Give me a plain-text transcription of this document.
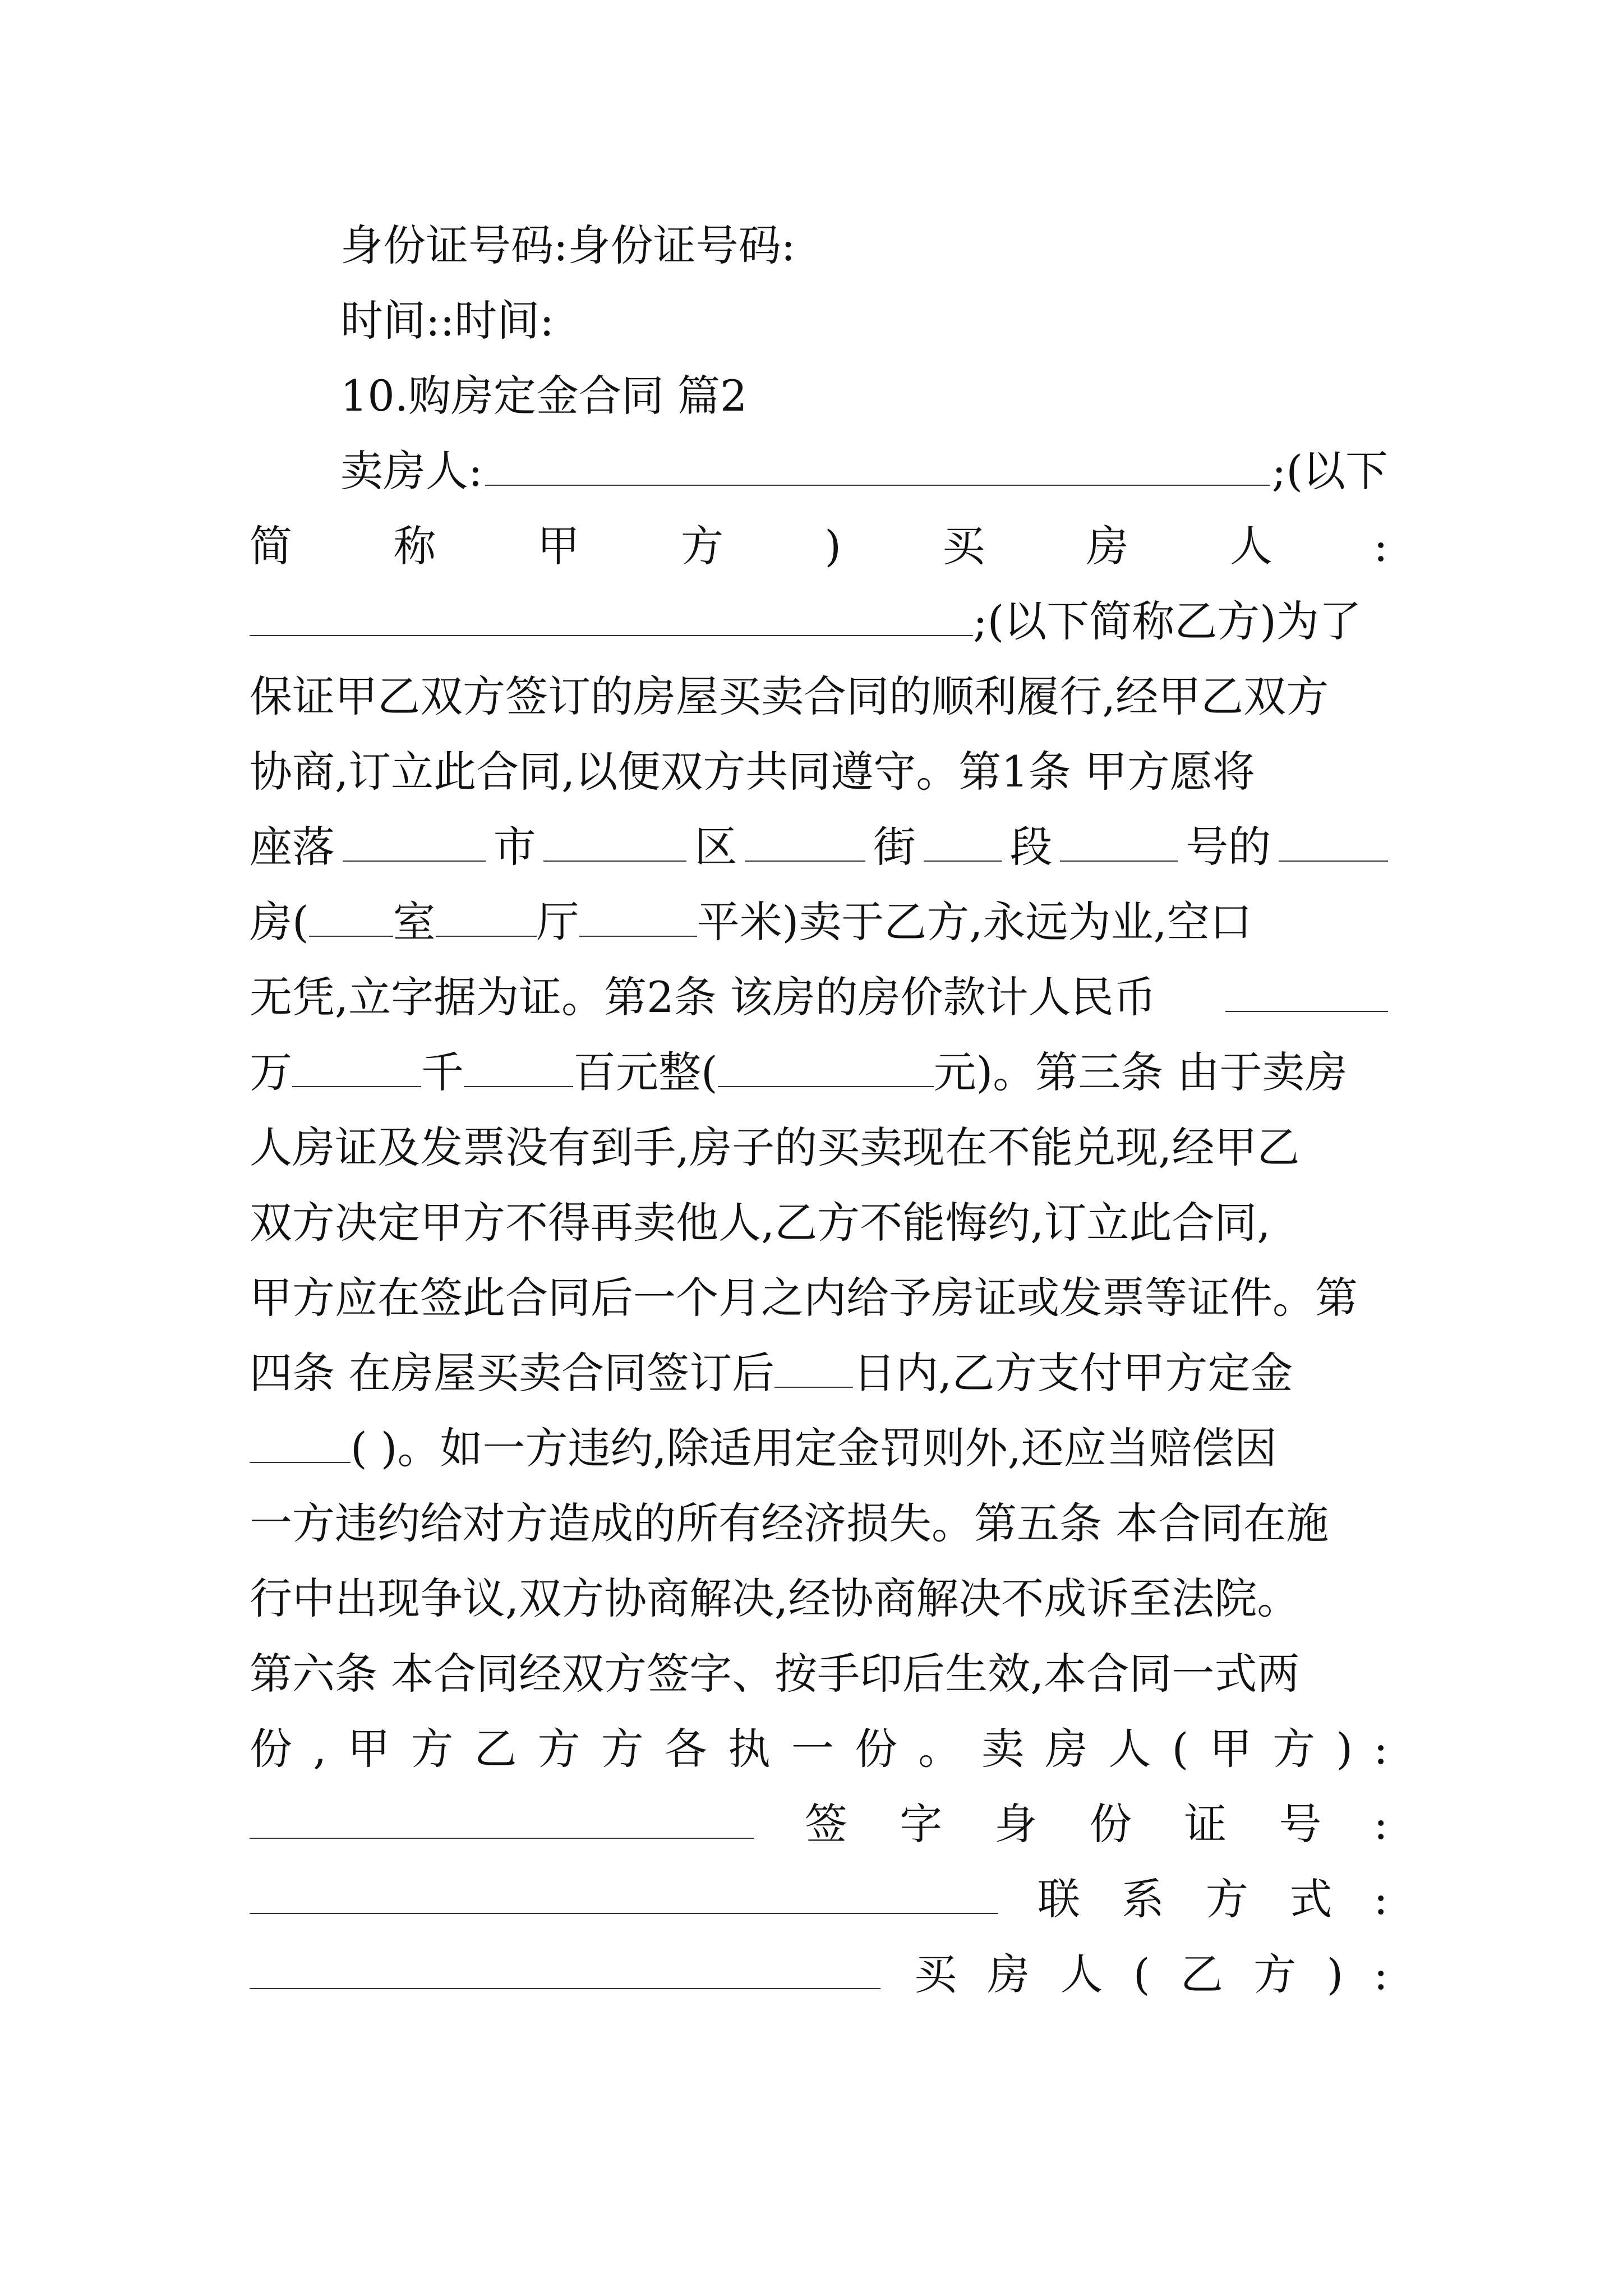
身份证号码:身份证号码:
时间::时间:
10.购房定金合同 篇2
卖房人:	;(以下
简 称 甲 方 ) 买 房 人 :
;(以下简称乙方)为了
保证甲乙双方签订的房屋买卖合同的顺利履行,经甲乙双方
协商,订立此合同,以便双方共同遵守。第1条 甲方愿将
座落	市	区	街 段	号的
房( 室 厅	平米)卖于乙方,永远为业,空口
无凭,立字据为证。第2条 该房的房价款计人民币
万	千	百元整(	元)。第三条 由于卖房
人房证及发票没有到手,房子的买卖现在不能兑现,经甲乙
双方决定甲方不得再卖他人,乙方不能悔约,订立此合同,
甲方应在签此合同后一个月之内给予房证或发票等证件。第
四条 在房屋买卖合同签订后 日内,乙方支付甲方定金
( )。如一方违约,除适用定金罚则外,还应当赔偿因
一方违约给对方造成的所有经济损失。第五条 本合同在施
行中出现争议,双方协商解决,经协商解决不成诉至法院。
第六条 本合同经双方签字、按手印后生效,本合同一式两
份 , 甲 方 乙 方 方 各 执 一 份 。 卖 房 人 ( 甲 方 ) :
签 字 身 份 证 号 :
联 系 方 式 :
买 房 人 ( 乙 方 ) :
